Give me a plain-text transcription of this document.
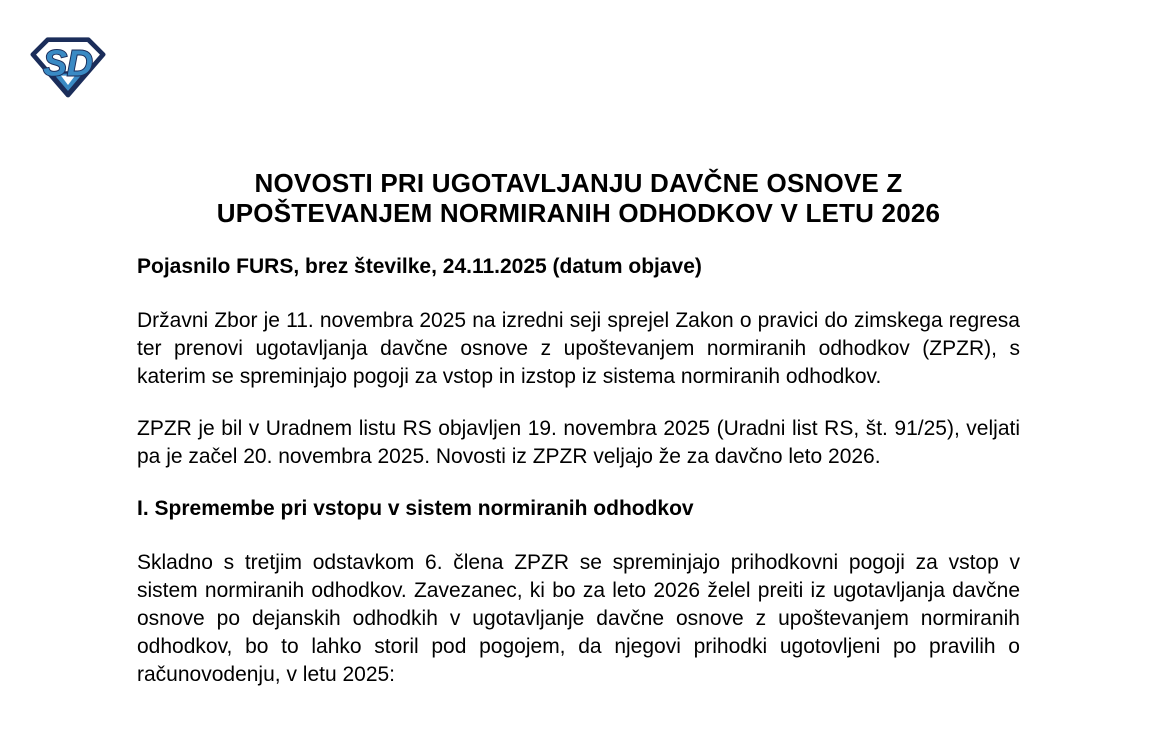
SD
NOVOSTI PRI UGOTAVLJANJU DAVČNE OSNOVE Z
UPOŠTEVANJEM NORMIRANIH ODHODKOV V LETU 2026
Pojasnilo FURS, brez številke, 24.11.2025 (datum objave)

Državni Zbor je 11. novembra 2025 na izredni seji sprejel Zakon o pravici do zimskega regresa ter prenovi ugotavljanja davčne osnove z upoštevanjem normiranih odhodkov (ZPZR), s katerim se spreminjajo pogoji za vstop in izstop iz sistema normiranih odhodkov.

ZPZR je bil v Uradnem listu RS objavljen 19. novembra 2025 (Uradni list RS, št. 91/25), veljati pa je začel 20. novembra 2025. Novosti iz ZPZR veljajo že za davčno leto 2026.

I. Spremembe pri vstopu v sistem normiranih odhodkov

Skladno s tretjim odstavkom 6. člena ZPZR se spreminjajo prihodkovni pogoji za vstop v sistem normiranih odhodkov. Zavezanec, ki bo za leto 2026 želel preiti iz ugotavljanja davčne osnove po dejanskih odhodkih v ugotavljanje davčne osnove z upoštevanjem normiranih odhodkov, bo to lahko storil pod pogojem, da njegovi prihodki ugotovljeni po pravilih o računovodenju, v letu 2025:
